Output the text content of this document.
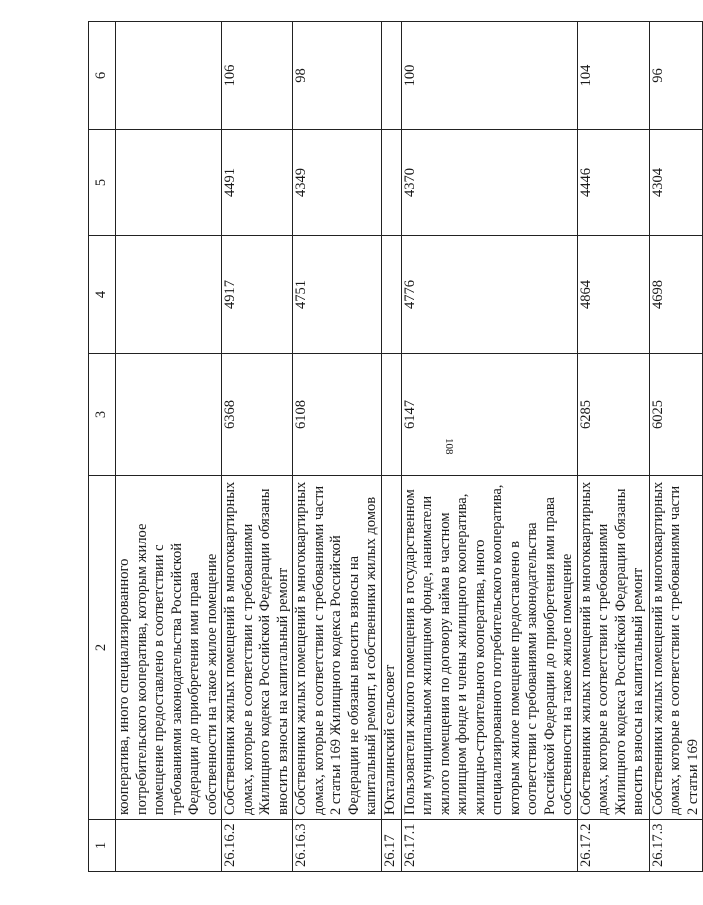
108
1	2	3	4	5	6
	кооператива, иного специализированного потребительского кооператива, которым жилое помещение предоставлено в соответствии с требованиями законодательства Российской Федерации до приобретения ими права собственности на такое жилое помещение				
26.16.2	Собственники жилых помещений в многоквартирных домах, которые в соответствии с требованиями Жилищного кодекса Российской Федерации обязаны вносить взносы на капитальный ремонт	6368	4917	4491	106
26.16.3	Собственники жилых помещений в многоквартирных домах, которые в соответствии с требованиями части 2 статьи 169 Жилищного кодекса Российской Федерации не обязаны вносить взносы на капитальный ремонт, и собственники жилых домов	6108	4751	4349	98
26.17	Юкталинский сельсовет				
26.17.1	Пользователи жилого помещения в государственном или муниципальном жилищном фонде, наниматели жилого помещения по договору найма в частном жилищном фонде и члены жилищного кооператива, жилищно-строительного кооператива, иного специализированного потребительского кооператива, которым жилое помещение предоставлено в соответствии с требованиями законодательства Российской Федерации до приобретения ими права собственности на такое жилое помещение	6147	4776	4370	100
26.17.2	Собственники жилых помещений в многоквартирных домах, которые в соответствии с требованиями Жилищного кодекса Российской Федерации обязаны вносить взносы на капитальный ремонт	6285	4864	4446	104
26.17.3	Собственники жилых помещений в многоквартирных домах, которые в соответствии с требованиями части 2 статьи 169	6025	4698	4304	96
